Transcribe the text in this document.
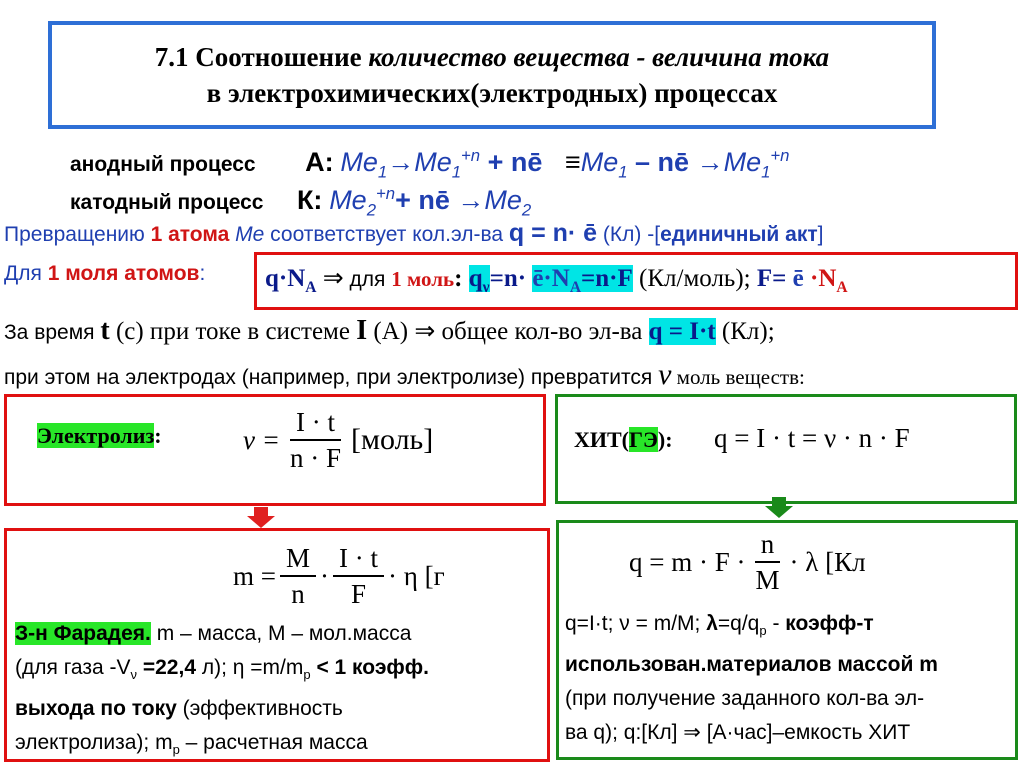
7.1 Соотношение количество вещества - величина тока
в электрохимических(электродных) процессах
анодный процесс А: $Me_1\to Me_1^{+n}$ + nē $\equiv Me_1$ – nē $\to Me_1^{+n}$
катодный процесс К: $Me_2^{+n}+$ nē $\to Me_2$
Превращению 1 атома Me соответствует кол.эл-ва q = n· ē (Кл) -[единичный акт]
Для 1 моля атомов:	$q\cdot N_A$ ⇒ для 1 моль: $q_\nu=n\cdot$ $ē\cdot N_A=n\cdot F$ (Кл/моль); F= ē $\cdot N_A$
За время t (с) при токе в системе I (А) ⇒ общее кол-во эл-ва q = I·t (Кл);
при этом на электродах (например, при электролизе) превратится ν моль веществ:
Электролиз:	$\nu = \frac{I \cdot t}{n \cdot F}$ [моль]	ХИТ(ГЭ): q = I · t = ν · n · F
$m = \frac{M}{n} \cdot \frac{I \cdot t}{F} \cdot \eta$ [г
З-н Фарадея. m – масса, M – мол.масса
(для газа $-V_\nu =22,4$ л); $\eta =m/m_p < 1$ коэфф.
выхода по току (эффективность
электролиза); $m_p$ – расчетная масса
$q = m \cdot F \cdot \frac{n}{M} \cdot \lambda$ [Кл
q=I·t; ν = m/M; $\lambda=q/q_p$ - коэфф-т
использован.материалов массой m
(при получение заданного кол-ва эл-
ва q); q:[Кл] ⇒ [A·час]–емкость ХИТ
